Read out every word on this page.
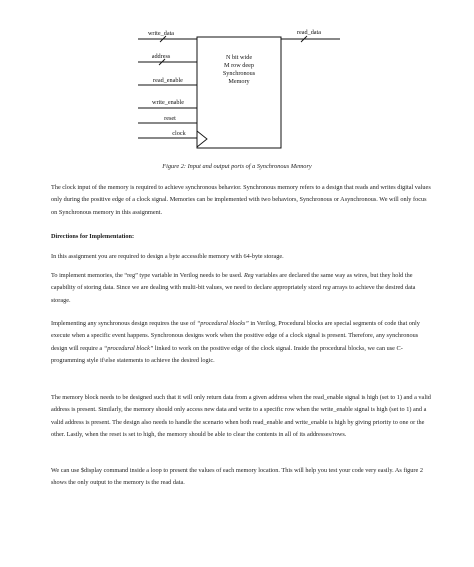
N bit wide
M row deep
Synchronous
Memory
write_data
address
read_enable
write_enable
reset
clock
read_data
Figure 2: Input and output ports of a Synchronous Memory

The clock input of the memory is required to achieve synchronous behavior. Synchronous memory refers to a design that reads and writes digital values only during the positive edge of a clock signal. Memories can be implemented with two behaviors, Synchronous or Asynchronous. We will only focus on Synchronous memory in this assignment.

Directions for Implementation:

In this assignment you are required to design a byte accessible memory with 64-byte storage.

To implement memories, the “reg” type variable in Verilog needs to be used. Reg variables are declared the same way as wires, but they hold the capability of storing data. Since we are dealing with multi-bit values, we need to declare appropriately sized reg arrays to achieve the desired data storage.

Implementing any synchronous design requires the use of “procedural blocks” in Verilog, Procedural blocks are special segments of code that only execute when a specific event happens. Synchronous designs work when the positive edge of a clock signal is present. Therefore, any synchronous design will require a “procedural block” linked to work on the positive edge of the clock signal. Inside the procedural blocks, we can use C-programming style if\else statements to achieve the desired logic.

The memory block needs to be designed such that it will only return data from a given address when the read_enable signal is high (set to 1) and a valid address is present. Similarly, the memory should only access new data and write to a specific row when the write_enable signal is high (set to 1) and a valid address is present. The design also needs to handle the scenario when both read_enable and write_enable is high by giving priority to one or the other. Lastly, when the reset is set to high, the memory should be able to clear the contents in all of its addresses/rows.

We can use $display command inside a loop to present the values of each memory location. This will help you test your code very easily. As figure 2 shows the only output to the memory is the read data.
